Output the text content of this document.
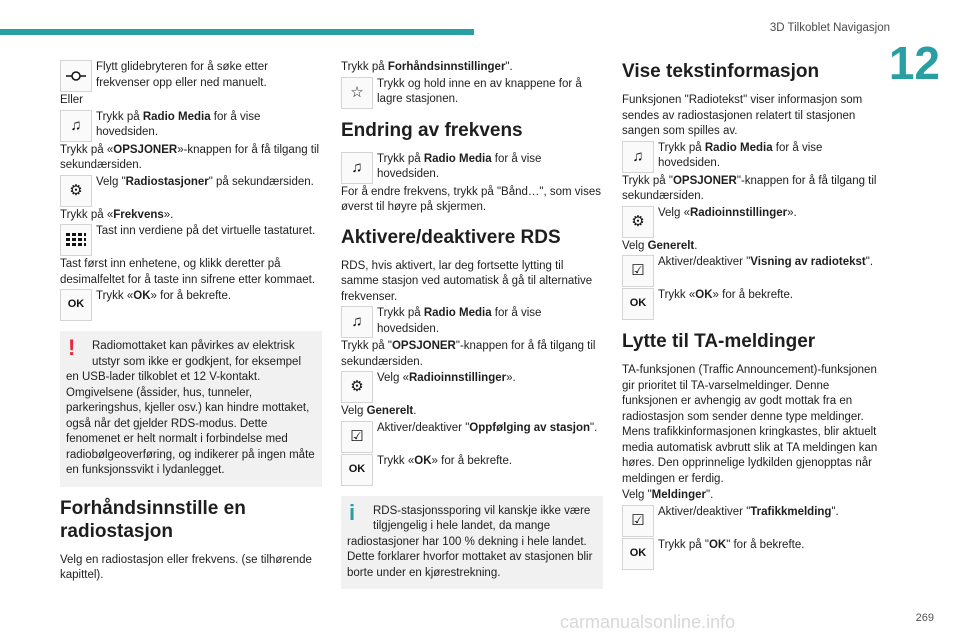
3D Tilkoblet Navigasjon
12
Flytt glidebryteren for å søke etter frekvenser opp eller ned manuelt.
Eller
♫
Trykk på Radio Media for å vise hovedsiden.
Trykk på «OPSJONER»-knappen for å få tilgang til sekundærsiden.
⚙
Velg "Radiostasjoner" på sekundærsiden.
Trykk på «Frekvens».
Tast inn verdiene på det virtuelle tastaturet.
Tast først inn enhetene, og klikk deretter på desimalfeltet for å taste inn sifrene etter kommaet.
OK
Trykk «OK» for å bekrefte.
!	Radiomottaket kan påvirkes av elektrisk utstyr som ikke er godkjent, for eksempel
en USB-lader tilkoblet et 12 V-kontakt. Omgivelsene (åssider, hus, tunneler, parkeringshus, kjeller osv.) kan hindre mottaket, også når det gjelder RDS-modus. Dette fenomenet er helt normalt i forbindelse med radiobølgeoverføring, og indikerer på ingen måte en funksjonssvikt i lydanlegget.
Forhåndsinnstille en radiostasjon
Velg en radiostasjon eller frekvens. (se tilhørende kapittel).
Trykk på Forhåndsinnstillinger".
☆
Trykk og hold inne en av knappene for å lagre stasjonen.
Endring av frekvens
♫
Trykk på Radio Media for å vise hovedsiden.
For å endre frekvens, trykk på "Bånd…", som vises øverst til høyre på skjermen.
Aktivere/deaktivere RDS
RDS, hvis aktivert, lar deg fortsette lytting til samme stasjon ved automatisk å gå til alternative frekvenser.
♫
Trykk på Radio Media for å vise hovedsiden.
Trykk på "OPSJONER"-knappen for å få tilgang til sekundærsiden.
⚙
Velg «Radioinnstillinger».
Velg Generelt.
☑
Aktiver/deaktiver "Oppfølging av stasjon".
OK
Trykk «OK» for å bekrefte.
i	RDS-stasjonssporing vil kanskje ikke være tilgjengelig i hele landet, da mange
radiostasjoner har 100 % dekning i hele landet. Dette forklarer hvorfor mottaket av stasjonen blir borte under en kjørestrekning.
Vise tekstinformasjon
Funksjonen "Radiotekst" viser informasjon som sendes av radiostasjonen relatert til stasjonen sangen som spilles av.
♫
Trykk på Radio Media for å vise hovedsiden.
Trykk på "OPSJONER"-knappen for å få tilgang til sekundærsiden.
⚙
Velg «Radioinnstillinger».
Velg Generelt.
☑
Aktiver/deaktiver "Visning av radiotekst".
OK
Trykk «OK» for å bekrefte.
Lytte til TA-meldinger
TA-funksjonen (Traffic Announcement)-funksjonen gir prioritet til TA-varselmeldinger. Denne funksjonen er avhengig av godt mottak fra en radiostasjon som sender denne type meldinger. Mens trafikkinformasjonen kringkastes, blir aktuelt media automatisk avbrutt slik at TA meldingen kan høres. Den opprinnelige lydkilden gjenopptas når meldingen er ferdig.
Velg "Meldinger".
☑
Aktiver/deaktiver "Trafikkmelding".
OK
Trykk på "OK" for å bekrefte.
carmanualsonline.info	269
